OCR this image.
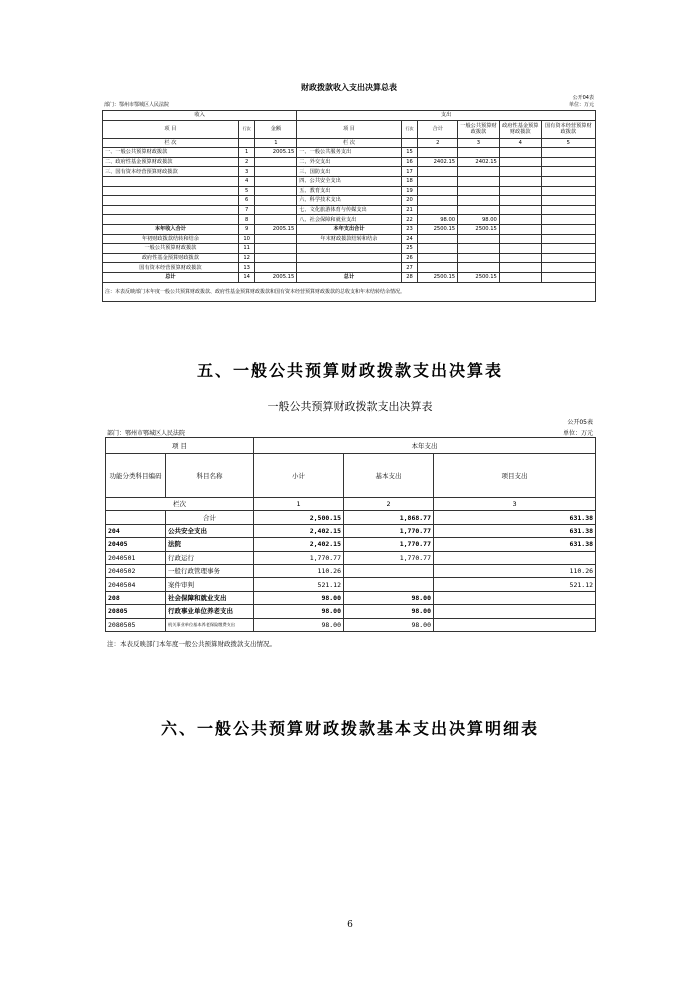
财政拨款收入支出决算总表
公开04表
部门：鄂州市鄂城区人民法院	单位：万元
收入			支出					
项 目	行次	金额	项 目	行次	合计	一般公共预算财政拨款	政府性基金预算财政拨款	国有资本经营预算财政拨款
栏 次		1	栏 次		2	3	4	5
一、一般公共预算财政拨款	1	2005.15	一、一般公共服务支出	15				
二、政府性基金预算财政拨款	2		二、外交支出	16	2402.15	2402.15		
三、国有资本经营预算财政拨款	3		三、国防支出	17				
	4		四、公共安全支出	18				
	5		五、教育支出	19				
	6		六、科学技术支出	20				
	7		七、文化旅游体育与传媒支出	21				
	8		八、社会保障和就业支出	22	98.00	98.00		
本年收入合计	9	2005.15	本年支出合计	23	2500.15	2500.15		
年初财政拨款结转和结余	10		年末财政拨款结转和结余	24				
一般公共预算财政拨款	11			25				
政府性基金预算财政拨款	12			26				
国有资本经营预算财政拨款	13			27				
总计	14	2005.15	总计	28	2500.15	2500.15		
注：本表反映部门本年度一般公共预算财政拨款、政府性基金预算财政拨款和国有资本经营预算财政拨款的总收支和年末结转结余情况。
五、一般公共预算财政拨款支出决算表
一般公共预算财政拨款支出决算表
公开05表
部门：鄂州市鄂城区人民法院	单位：万元
项 目		本年支出		
功能分类科目编码	科目名称	小计	基本支出	项目支出
栏次		1	2	3
	合计	2,500.15	1,868.77	631.38
204	公共安全支出	2,402.15	1,770.77	631.38
20405	法院	2,402.15	1,770.77	631.38
2040501	行政运行	1,770.77	1,770.77	
2040502	一般行政管理事务	110.26		110.26
2040504	案件审判	521.12		521.12
208	社会保障和就业支出	98.00	98.00	
20805	行政事业单位养老支出	98.00	98.00	
2080505	机关事业单位基本养老保险缴费支出	98.00	98.00	
注：本表反映部门本年度一般公共预算财政拨款支出情况。
六、一般公共预算财政拨款基本支出决算明细表
6
